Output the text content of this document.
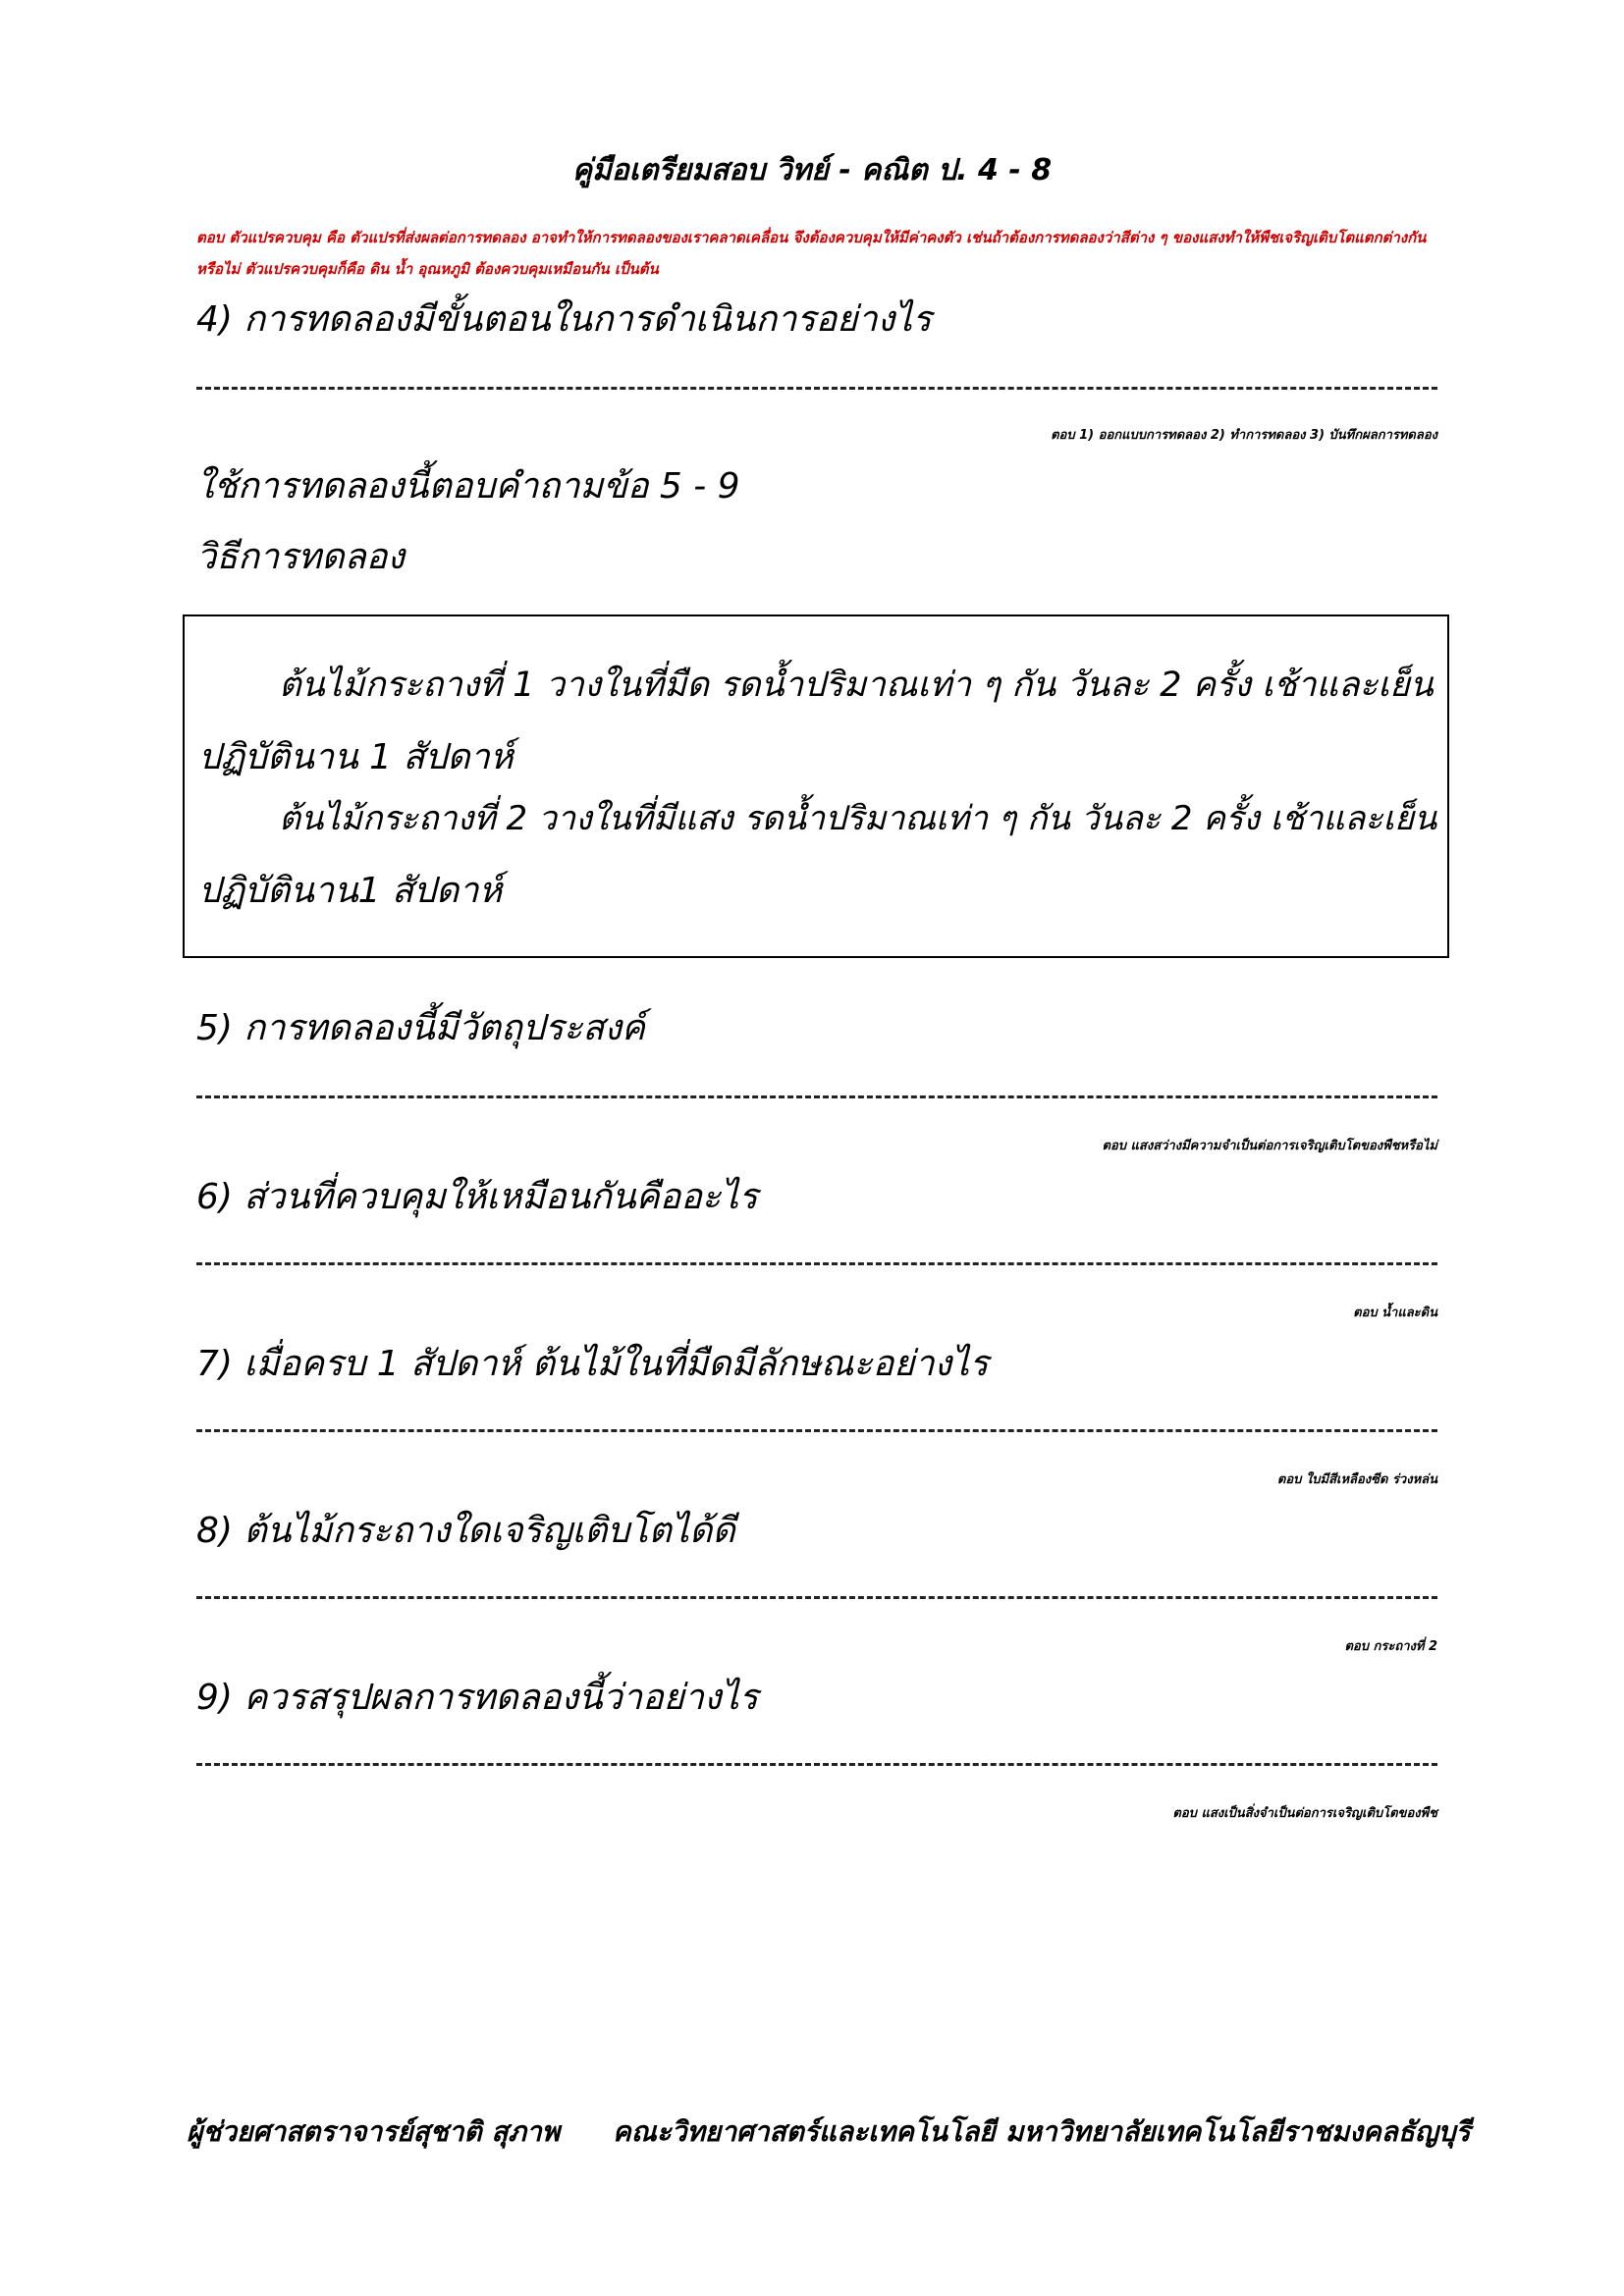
คู่มือเตรียมสอบ วิทย์ - คณิต ป. 4 - 8
ตอบ ตัวแปรควบคุม คือ ตัวแปรที่ส่งผลต่อการทดลอง อาจทำให้การทดลองของเราคลาดเคลื่อน จึงต้องควบคุมให้มีค่าคงตัว เช่นถ้าต้องการทดลองว่าสีต่าง ๆ ของแสงทำให้พืชเจริญเติบโตแตกต่างกัน
หรือไม่ ตัวแปรควบคุมก็คือ ดิน น้ำ อุณหภูมิ ต้องควบคุมเหมือนกัน เป็นต้น
4) การทดลองมีขั้นตอนในการดำเนินการอย่างไร
ตอบ 1) ออกแบบการทดลอง 2) ทำการทดลอง 3) บันทึกผลการทดลอง
ใช้การทดลองนี้ตอบคำถามข้อ 5 - 9
วิธีการทดลอง
ต้นไม้กระถางที่ 1 วางในที่มืด รดน้ำปริมาณเท่า ๆ กัน วันละ 2 ครั้ง เช้าและเย็น
ปฏิบัตินาน 1 สัปดาห์
ต้นไม้กระถางที่ 2 วางในที่มีแสง รดน้ำปริมาณเท่า ๆ กัน วันละ 2 ครั้ง เช้าและเย็น
ปฏิบัตินาน1 สัปดาห์
5) การทดลองนี้มีวัตถุประสงค์
ตอบ แสงสว่างมีความจำเป็นต่อการเจริญเติบโตของพืชหรือไม่
6) ส่วนที่ควบคุมให้เหมือนกันคืออะไร
ตอบ น้ำและดิน
7) เมื่อครบ 1 สัปดาห์ ต้นไม้ในที่มืดมีลักษณะอย่างไร
ตอบ ใบมีสีเหลืองซีด ร่วงหล่น
8) ต้นไม้กระถางใดเจริญเติบโตได้ดี
ตอบ กระถางที่ 2
9) ควรสรุปผลการทดลองนี้ว่าอย่างไร
ตอบ แสงเป็นสิ่งจำเป็นต่อการเจริญเติบโตของพืช
ผู้ช่วยศาสตราจารย์สุชาติ สุภาพ คณะวิทยาศาสตร์และเทคโนโลยี มหาวิทยาลัยเทคโนโลยีราชมงคลธัญบุรี
